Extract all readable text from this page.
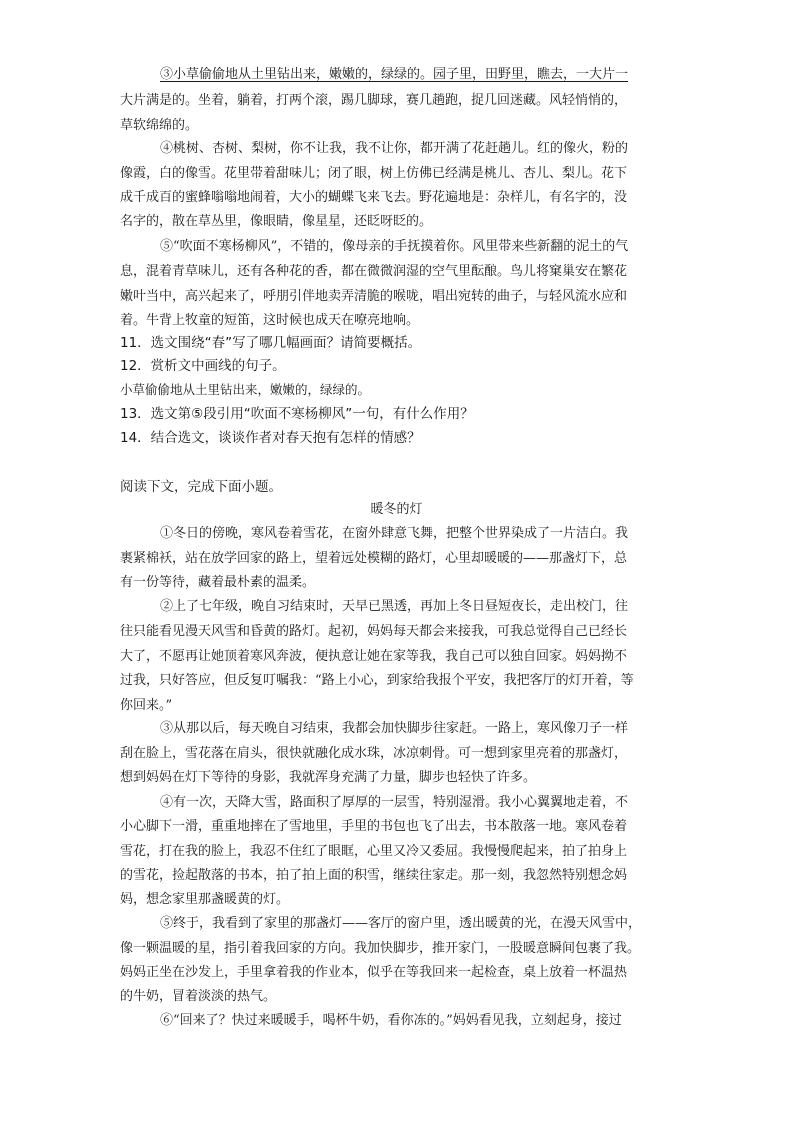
③小草偷偷地从土里钻出来，嫩嫩的，绿绿的。园子里，田野里，瞧去，一大片一
大片满是的。坐着，躺着，打两个滚，踢几脚球，赛几趟跑，捉几回迷藏。风轻悄悄的，
草软绵绵的。
④桃树、杏树、梨树，你不让我，我不让你，都开满了花赶趟儿。红的像火，粉的
像霞，白的像雪。花里带着甜味儿；闭了眼，树上仿佛已经满是桃儿、杏儿、梨儿。花下
成千成百的蜜蜂嗡嗡地闹着，大小的蝴蝶飞来飞去。野花遍地是：杂样儿，有名字的，没
名字的，散在草丛里，像眼睛，像星星，还眨呀眨的。
⑤“吹面不寒杨柳风”，不错的，像母亲的手抚摸着你。风里带来些新翻的泥土的气
息，混着青草味儿，还有各种花的香，都在微微润湿的空气里酝酿。鸟儿将窠巢安在繁花
嫩叶当中，高兴起来了，呼朋引伴地卖弄清脆的喉咙，唱出宛转的曲子，与轻风流水应和
着。牛背上牧童的短笛，这时候也成天在嘹亮地响。
11．选文围绕“春”写了哪几幅画面？请简要概括。
12．赏析文中画线的句子。
小草偷偷地从土里钻出来，嫩嫩的，绿绿的。
13．选文第⑤段引用“吹面不寒杨柳风”一句，有什么作用？
14．结合选文，谈谈作者对春天抱有怎样的情感？
阅读下文，完成下面小题。
暖冬的灯
①冬日的傍晚，寒风卷着雪花，在窗外肆意飞舞，把整个世界染成了一片洁白。我
裹紧棉袄，站在放学回家的路上，望着远处模糊的路灯，心里却暖暖的——那盏灯下，总
有一份等待，藏着最朴素的温柔。
②上了七年级，晚自习结束时，天早已黑透，再加上冬日昼短夜长，走出校门，往
往只能看见漫天风雪和昏黄的路灯。起初，妈妈每天都会来接我，可我总觉得自己已经长
大了，不愿再让她顶着寒风奔波，便执意让她在家等我，我自己可以独自回家。妈妈拗不
过我，只好答应，但反复叮嘱我：“路上小心，到家给我报个平安，我把客厅的灯开着，等
你回来。”
③从那以后，每天晚自习结束，我都会加快脚步往家赶。一路上，寒风像刀子一样
刮在脸上，雪花落在肩头，很快就融化成水珠，冰凉刺骨。可一想到家里亮着的那盏灯，
想到妈妈在灯下等待的身影，我就浑身充满了力量，脚步也轻快了许多。
④有一次，天降大雪，路面积了厚厚的一层雪，特别湿滑。我小心翼翼地走着，不
小心脚下一滑，重重地摔在了雪地里，手里的书包也飞了出去，书本散落一地。寒风卷着
雪花，打在我的脸上，我忍不住红了眼眶，心里又冷又委屈。我慢慢爬起来，拍了拍身上
的雪花，捡起散落的书本，拍了拍上面的积雪，继续往家走。那一刻，我忽然特别想念妈
妈，想念家里那盏暖黄的灯。
⑤终于，我看到了家里的那盏灯——客厅的窗户里，透出暖黄的光，在漫天风雪中，
像一颗温暖的星，指引着我回家的方向。我加快脚步，推开家门，一股暖意瞬间包裹了我。
妈妈正坐在沙发上，手里拿着我的作业本，似乎在等我回来一起检查，桌上放着一杯温热
的牛奶，冒着淡淡的热气。
⑥“回来了？快过来暖暖手，喝杯牛奶，看你冻的。”妈妈看见我，立刻起身，接过
